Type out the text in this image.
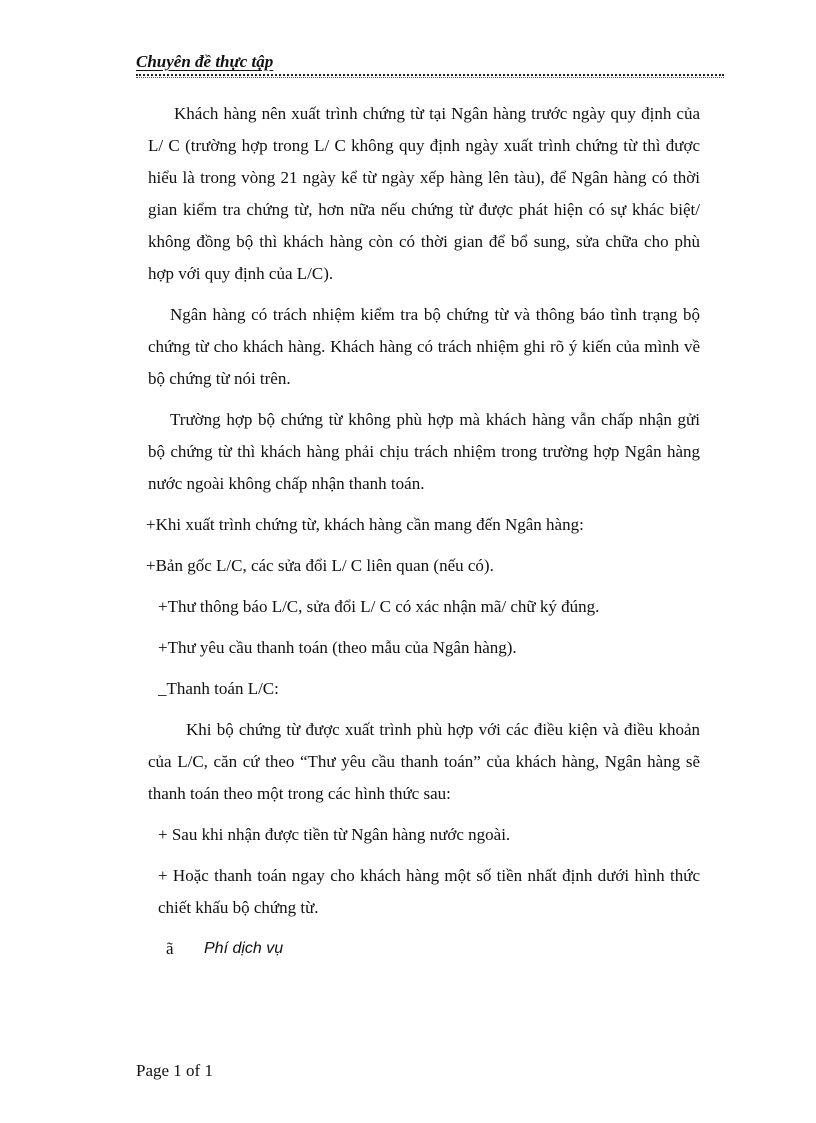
Chuyên đề thực tập

Khách hàng nên xuất trình chứng từ tại Ngân hàng trước ngày quy định của L/ C (trường hợp trong L/ C không quy định ngày xuất trình chứng từ thì được hiểu là trong vòng 21 ngày kể từ ngày xếp hàng lên tàu), để Ngân hàng có thời gian kiểm tra chứng từ, hơn nữa nếu chứng từ được phát hiện có sự khác biệt/ không đồng bộ thì khách hàng còn có thời gian để bổ sung, sửa chữa cho phù hợp với quy định của L/C).

Ngân hàng có trách nhiệm kiểm tra bộ chứng từ và thông báo tình trạng bộ chứng từ cho khách hàng. Khách hàng có trách nhiệm ghi rõ ý kiến của mình về bộ chứng từ nói trên.

Trường hợp bộ chứng từ không phù hợp mà khách hàng vẫn chấp nhận gửi bộ chứng từ thì khách hàng phải chịu trách nhiệm trong trường hợp Ngân hàng nước ngoài không chấp nhận thanh toán.

+Khi xuất trình chứng từ, khách hàng cần mang đến Ngân hàng:

+Bản gốc L/C, các sửa đổi L/ C liên quan (nếu có).

+Thư thông báo L/C, sửa đổi L/ C có xác nhận mã/ chữ ký đúng.

+Thư yêu cầu thanh toán (theo mẫu của Ngân hàng).

_Thanh toán L/C:

Khi bộ chứng từ được xuất trình phù hợp với các điều kiện và điều khoản của L/C, căn cứ theo “Thư yêu cầu thanh toán” của khách hàng, Ngân hàng sẽ thanh toán theo một trong các hình thức sau:

+ Sau khi nhận được tiền từ Ngân hàng nước ngoài.

+ Hoặc thanh toán ngay cho khách hàng một số tiền nhất định dưới hình thức chiết khấu bộ chứng từ.

ã	Phí dịch vụ
Page 1 of 1
